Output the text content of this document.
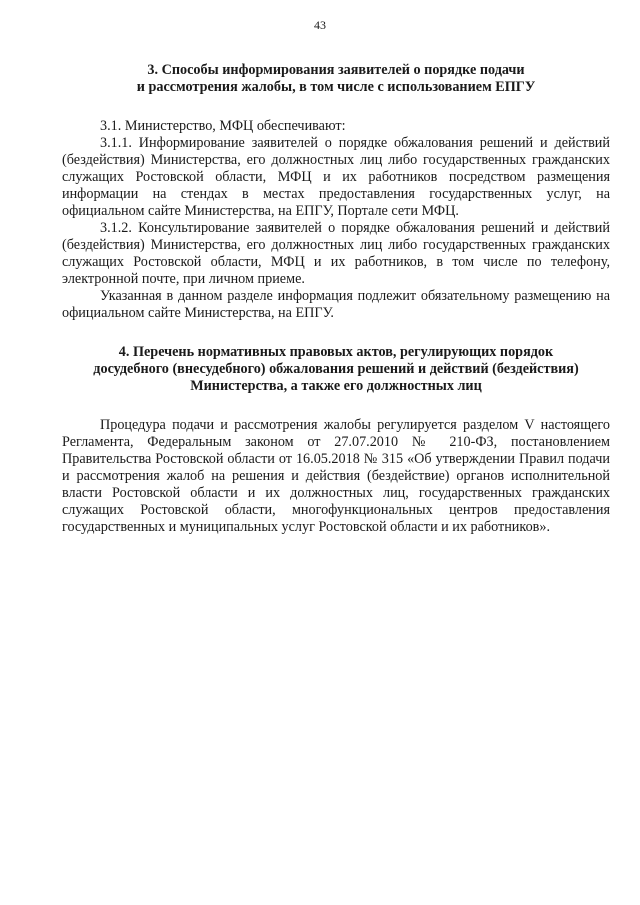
43
3. Способы информирования заявителей о порядке подачи
и рассмотрения жалобы, в том числе с использованием ЕПГУ

3.1. Министерство, МФЦ обеспечивают:

3.1.1. Информирование заявителей о порядке обжалования решений и действий (бездействия) Министерства, его должностных лиц либо государственных гражданских служащих Ростовской области, МФЦ и их работников посредством размещения информации на стендах в местах предоставления государственных услуг, на официальном сайте Министерства, на ЕПГУ, Портале сети МФЦ.

3.1.2. Консультирование заявителей о порядке обжалования решений и действий (бездействия) Министерства, его должностных лиц либо государственных гражданских служащих Ростовской области, МФЦ и их работников, в том числе по телефону, электронной почте, при личном приеме.

Указанная в данном разделе информация подлежит обязательному размещению на официальном сайте Министерства, на ЕПГУ.

4. Перечень нормативных правовых актов, регулирующих порядок
досудебного (внесудебного) обжалования решений и действий (бездействия)
Министерства, а также его должностных лиц

Процедура подачи и рассмотрения жалобы регулируется разделом V настоящего Регламента, Федеральным законом от 27.07.2010 № 210-ФЗ, постановлением Правительства Ростовской области от 16.05.2018 № 315 «Об утверждении Правил подачи и рассмотрения жалоб на решения и действия (бездействие) органов исполнительной власти Ростовской области и их должностных лиц, государственных гражданских служащих Ростовской области, многофункциональных центров предоставления государственных и муниципальных услуг Ростовской области и их работников».
